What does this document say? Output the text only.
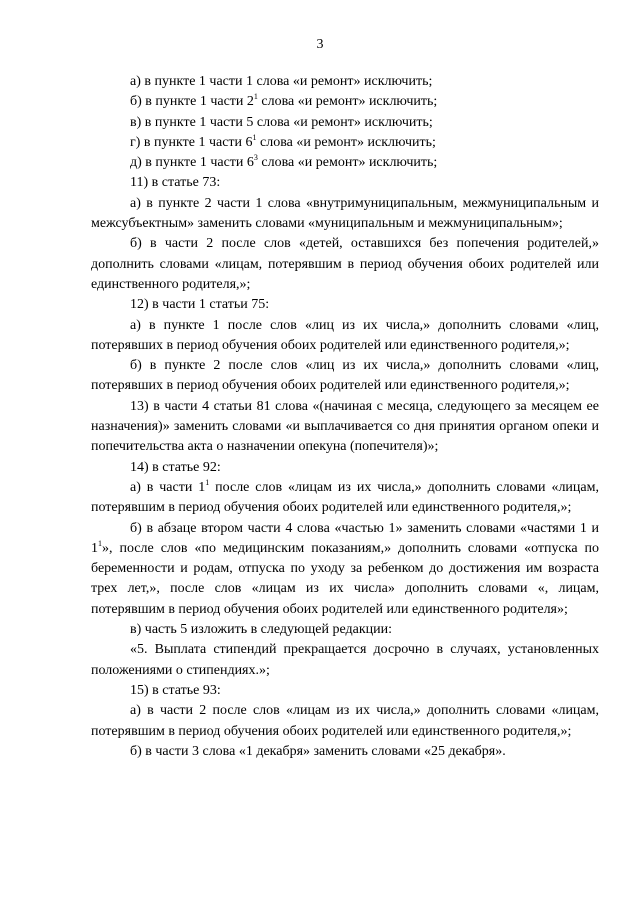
3

а) в пункте 1 части 1 слова «и ремонт» исключить;

б) в пункте 1 части $2^1$ слова «и ремонт» исключить;

в) в пункте 1 части 5 слова «и ремонт» исключить;

г) в пункте 1 части $6^1$ слова «и ремонт» исключить;

д) в пункте 1 части $6^3$ слова «и ремонт» исключить;

11) в статье 73:

а) в пункте 2 части 1 слова «внутримуниципальным, межмуниципальным и межсубъектным» заменить словами «муниципальным и межмуниципальным»;

б) в части 2 после слов «детей, оставшихся без попечения родителей,» дополнить словами «лицам, потерявшим в период обучения обоих родителей или единственного родителя,»;

12) в части 1 статьи 75:

а) в пункте 1 после слов «лиц из их числа,» дополнить словами «лиц, потерявших в период обучения обоих родителей или единственного родителя,»;

б) в пункте 2 после слов «лиц из их числа,» дополнить словами «лиц, потерявших в период обучения обоих родителей или единственного родителя,»;

13) в части 4 статьи 81 слова «(начиная с месяца, следующего за месяцем ее назначения)» заменить словами «и выплачивается со дня принятия органом опеки и попечительства акта о назначении опекуна (попечителя)»;

14) в статье 92:

а) в части $1^1$ после слов «лицам из их числа,» дополнить словами «лицам, потерявшим в период обучения обоих родителей или единственного родителя,»;

б) в абзаце втором части 4 слова «частью 1» заменить словами «частями 1 и $1^1$», после слов «по медицинским показаниям,» дополнить словами «отпуска по беременности и родам, отпуска по уходу за ребенком до достижения им возраста трех лет,», после слов «лицам из их числа» дополнить словами «, лицам, потерявшим в период обучения обоих родителей или единственного родителя»;

в) часть 5 изложить в следующей редакции:

«5. Выплата стипендий прекращается досрочно в случаях, установленных положениями о стипендиях.»;

15) в статье 93:

а) в части 2 после слов «лицам из их числа,» дополнить словами «лицам, потерявшим в период обучения обоих родителей или единственного родителя,»;

б) в части 3 слова «1 декабря» заменить словами «25 декабря».
